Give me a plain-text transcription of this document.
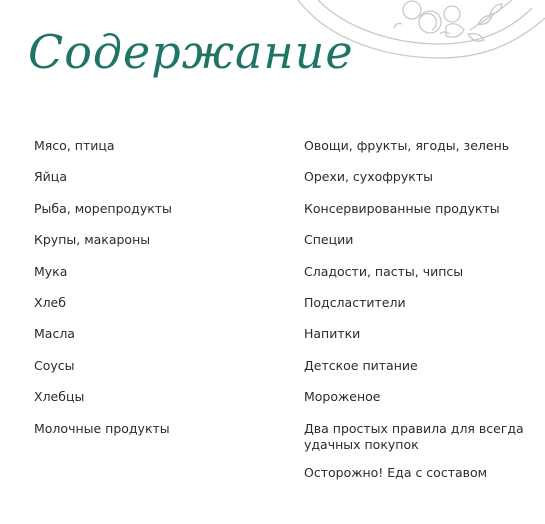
Содержание
Мясо, птица
Яйца
Рыба, морепродукты
Крупы, макароны
Мука
Хлеб
Масла
Соусы
Хлебцы
Молочные продукты
Овощи, фрукты, ягоды, зелень
Орехи, сухофрукты
Консервированные продукты
Специи
Сладости, пасты, чипсы
Подсластители
Напитки
Детское питание
Мороженое
Два простых правила для всегда удачных покупок
Осторожно! Еда с составом
